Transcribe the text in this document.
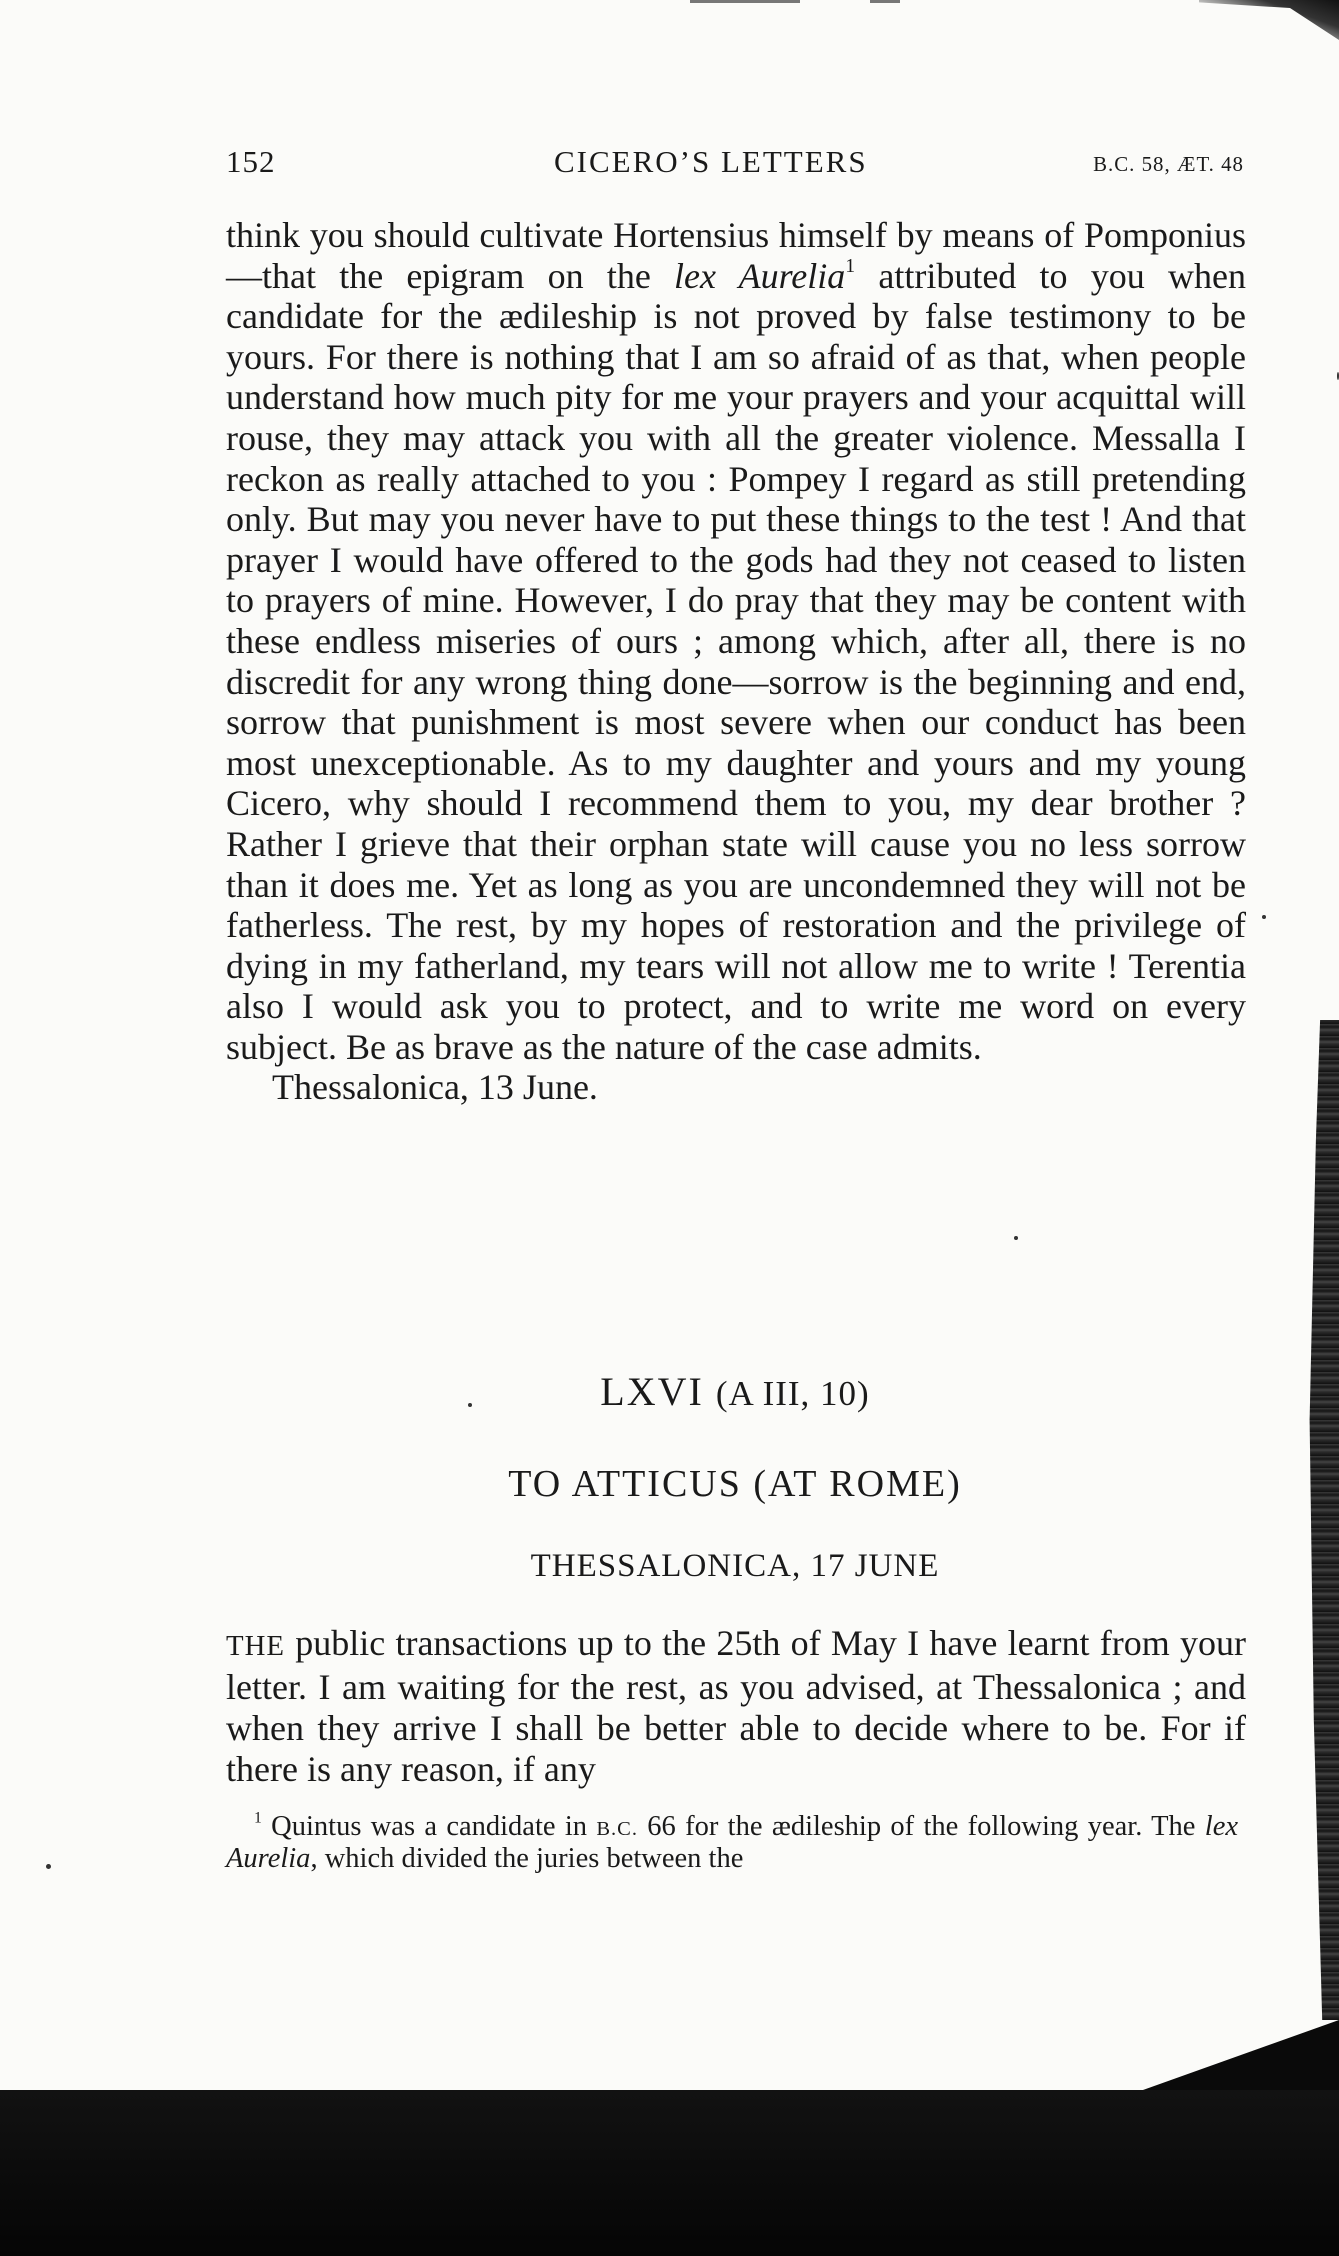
152	CICERO’S LETTERS	B.C. 58, ÆT. 48

think you should cultivate Hortensius himself by means of Pomponius—that the epigram on the lex Aurelia$^1$ attributed to you when candidate for the ædileship is not proved by false testimony to be yours. For there is nothing that I am so afraid of as that, when people understand how much pity for me your prayers and your acquittal will rouse, they may attack you with all the greater violence. Messalla I reckon as really attached to you : Pompey I regard as still pretending only. But may you never have to put these things to the test ! And that prayer I would have offered to the gods had they not ceased to listen to prayers of mine. However, I do pray that they may be content with these endless miseries of ours ; among which, after all, there is no discredit for any wrong thing done—sorrow is the beginning and end, sorrow that punishment is most severe when our conduct has been most unexceptionable. As to my daughter and yours and my young Cicero, why should I recommend them to you, my dear brother ? Rather I grieve that their orphan state will cause you no less sorrow than it does me. Yet as long as you are uncondemned they will not be fatherless. The rest, by my hopes of restoration and the privilege of dying in my fatherland, my tears will not allow me to write ! Terentia also I would ask you to protect, and to write me word on every subject. Be as brave as the nature of the case admits.

Thessalonica, 13 June.

LXVI (A III, 10)
TO ATTICUS (AT ROME)
THESSALONICA, 17 JUNE

THE public transactions up to the 25th of May I have learnt from your letter. I am waiting for the rest, as you advised, at Thessalonica ; and when they arrive I shall be better able to decide where to be. For if there is any reason, if any

$^1$ Quintus was a candidate in B.C. 66 for the ædileship of the following year. The lex Aurelia, which divided the juries between the
